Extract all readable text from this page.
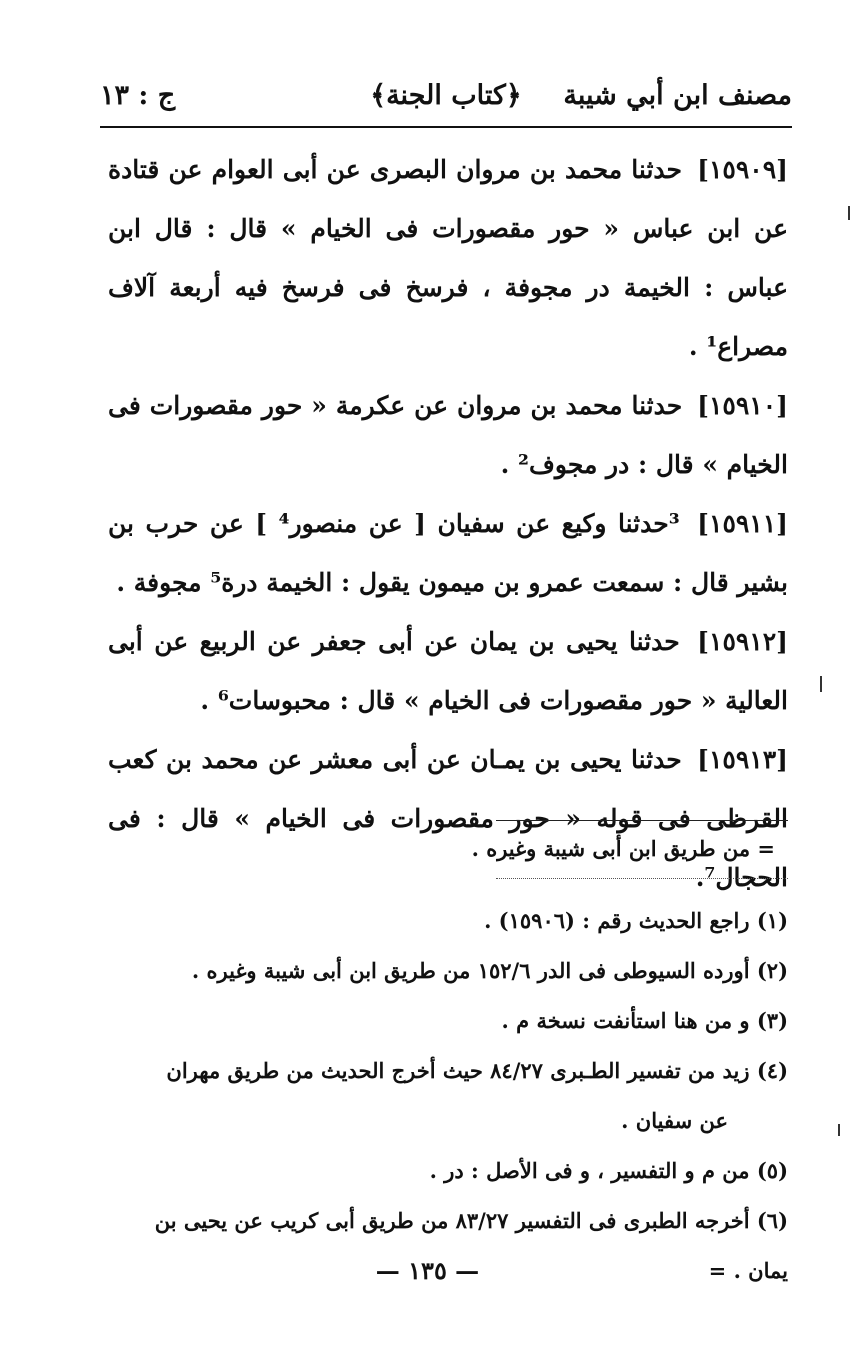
مصنف ابن أبي شيبة
﴿كتاب الجنة﴾
ج : ١٣

[١٥٩٠٩] حدثنا محمد بن مروان البصرى عن أبى العوام عن قتادة عن ابن عباس « حور مقصورات فى الخيام » قال : قال ابن عباس : الخيمة در مجوفة ، فرسخ فى فرسخ فيه أربعة آلاف مصراع¹ .

[١٥٩١٠] حدثنا محمد بن مروان عن عكرمة « حور مقصورات فى الخيام » قال : در مجوف² .

[١٥٩١١] ³حدثنا وكيع عن سفيان [ عن منصور⁴ ] عن حرب بن بشير قال : سمعت عمرو بن ميمون يقول : الخيمة درة⁵ مجوفة .

[١٥٩١٢] حدثنا يحيى بن يمان عن أبى جعفر عن الربيع عن أبى العالية « حور مقصورات فى الخيام » قال : محبوسات⁶ .

[١٥٩١٣] حدثنا يحيى بن يمـان عن أبى معشر عن محمد بن كعب القرظى فى قوله « حور مقصورات فى الخيام » قال : فى الحجال⁷.

= من طريق ابن أبى شيبة وغيره .

(١) راجع الحديث رقم : (١٥٩٠٦) .

(٢) أورده السيوطى فى الدر ١٥٢/٦ من طريق ابن أبى شيبة وغيره .

(٣) و من هنا استأنفت نسخة م .

(٤) زيد من تفسير الطـبرى ٨٤/٢٧ حيث أخرج الحديث من طريق مهران

عن سفيان .

(٥) من م و التفسير ، و فى الأصل : در .

(٦) أخرجه الطبرى فى التفسير ٨٣/٢٧ من طريق أبى كريب عن يحيى بن يمان . =

— ١٣٥ —
